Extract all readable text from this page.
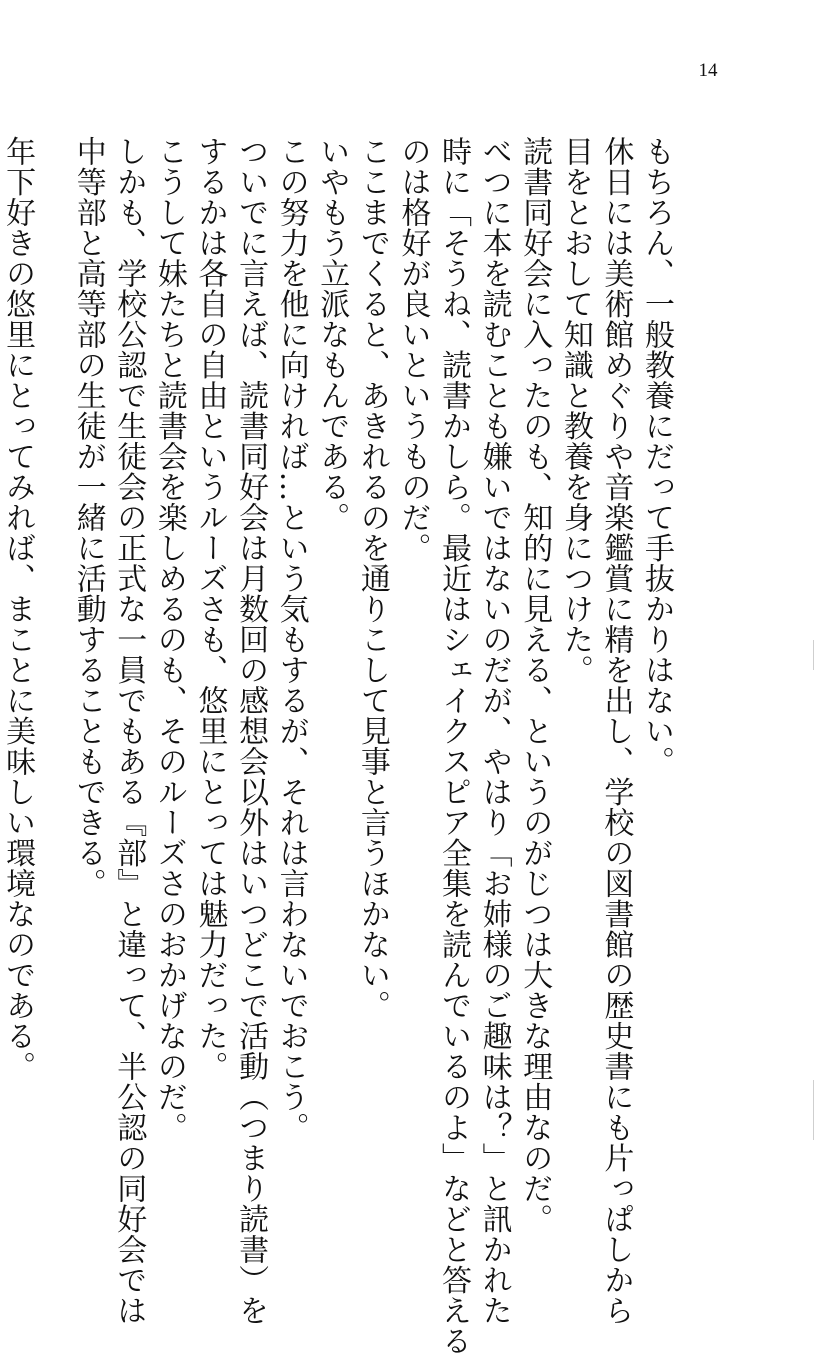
14
もちろん、一般教養にだって手抜かりはない。
休日には美術館めぐりや音楽鑑賞に精を出し、学校の図書館の歴史書にも片っぱしから
目をとおして知識と教養を身につけた。
読書同好会に入ったのも、知的に見える、というのがじつは大きな理由なのだ。
べつに本を読むことも嫌いではないのだが、やはり「お姉様のご趣味は？」と訊かれた
時に「そうね、読書かしら。最近はシェイクスピア全集を読んでいるのよ」などと答える
のは格好が良いというものだ。
ここまでくると、あきれるのを通りこして見事と言うほかない。
いやもう立派なもんである。
この努力を他に向ければ…という気もするが、それは言わないでおこう。
ついでに言えば、読書同好会は月数回の感想会以外はいつどこで活動（つまり読書）を
するかは各自の自由というルーズさも、悠里にとっては魅力だった。
こうして妹たちと読書会を楽しめるのも、そのルーズさのおかげなのだ。
しかも、学校公認で生徒会の正式な一員でもある『部』と違って、半公認の同好会では
中等部と高等部の生徒が一緒に活動することもできる。
年下好きの悠里にとってみれば、まことに美味しい環境なのである。
